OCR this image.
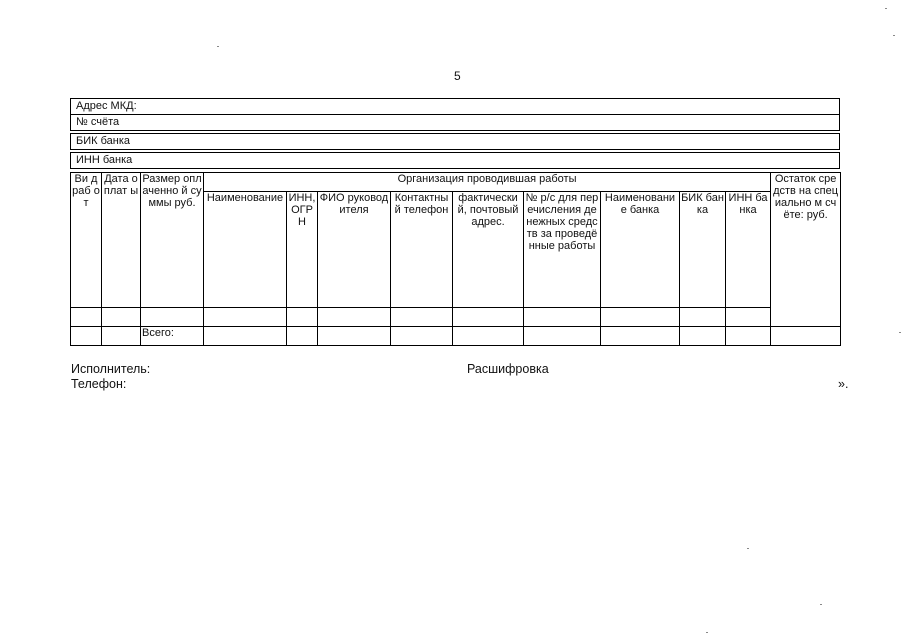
5
Адрес МКД:
№ счёта
БИК банка
ИНН банка
Ви д раб от	Дата оплат ы	Размер оплаченно й суммы руб.	Организация проводившая работы									Остаток средств на специально м счёте: руб.
			Наименование	ИНН, ОГРН	ФИО руководителя	Контактный телефон	фактический, почтовый адрес.	№ р/с для перечисления денежных средств за проведённые работы	Наименование банка	БИК банка	ИНН банка	

		Всего:										
Исполнитель:	Расшифровка
Телефон:	».
